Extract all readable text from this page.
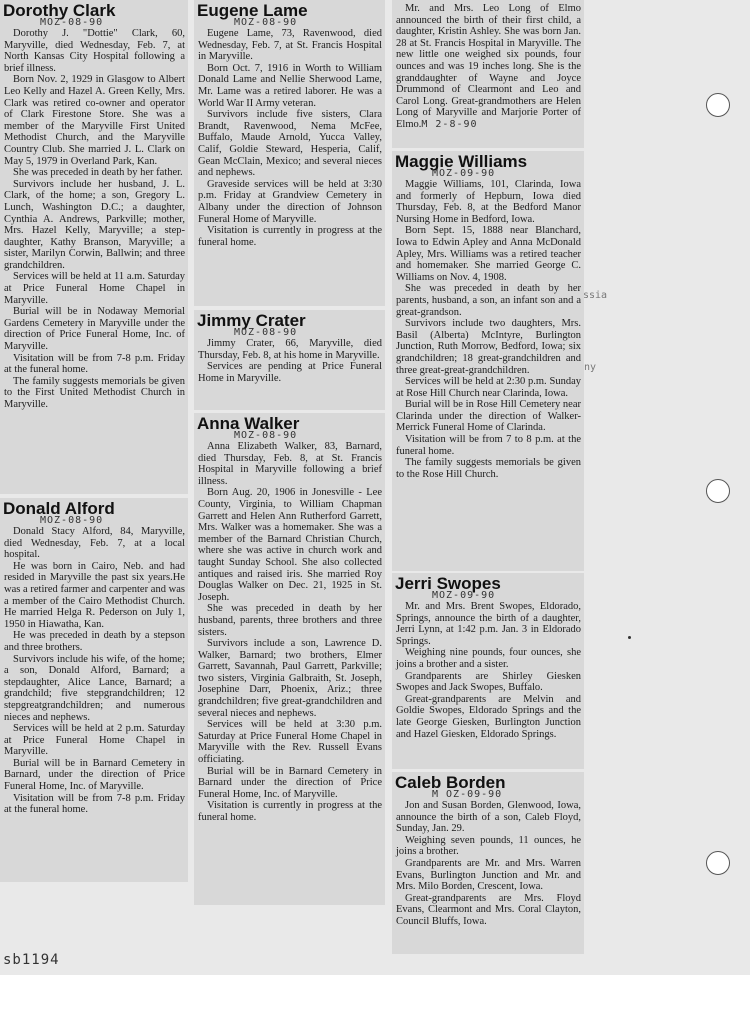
Dorothy Clark
MOZ-08-90

Dorothy J. "Dottie" Clark, 60, Maryville, died Wednesday, Feb. 7, at North Kansas City Hospital following a brief illness.

Born Nov. 2, 1929 in Glasgow to Albert Leo Kelly and Hazel A. Green Kelly, Mrs. Clark was retired co-owner and operator of Clark Firestone Store. She was a member of the Maryville First United Methodist Church, and the Maryville Country Club. She married J. L. Clark on May 5, 1979 in Overland Park, Kan.

She was preceded in death by her father.

Survivors include her husband, J. L. Clark, of the home; a son, Gregory L. Lunch, Washington D.C.; a daughter, Cynthia A. Andrews, Parkville; mother, Mrs. Hazel Kelly, Maryville; a step-daughter, Kathy Branson, Maryville; a sister, Marilyn Corwin, Ballwin; and three grandchildren.

Services will be held at 11 a.m. Saturday at Price Funeral Home Chapel in Maryville.

Burial will be in Nodaway Memorial Gardens Cemetery in Maryville under the direction of Price Funeral Home, Inc. of Maryville.

Visitation will be from 7-8 p.m. Friday at the funeral home.

The family suggests memorials be given to the First United Methodist Church in Maryville.

Donald Alford
MOZ-08-90

Donald Stacy Alford, 84, Maryville, died Wednesday, Feb. 7, at a local hospital.

He was born in Cairo, Neb. and had resided in Maryville the past six years.He was a retired farmer and carpenter and was a member of the Cairo Methodist Church. He married Helga R. Pederson on July 1, 1950 in Hiawatha, Kan.

He was preceded in death by a stepson and three brothers.

Survivors include his wife, of the home; a son, Donald Alford, Barnard; a stepdaughter, Alice Lance, Barnard; a grandchild; five stepgrandchildren; 12 stepgreatgrandchildren; and numerous nieces and nephews.

Services will be held at 2 p.m. Saturday at Price Funeral Home Chapel in Maryville.

Burial will be in Barnard Cemetery in Barnard, under the direction of Price Funeral Home, Inc. of Maryville.

Visitation will be from 7-8 p.m. Friday at the funeral home.

Eugene Lame
MOZ-08-90

Eugene Lame, 73, Ravenwood, died Wednesday, Feb. 7, at St. Francis Hospital in Maryville.

Born Oct. 7, 1916 in Worth to William Donald Lame and Nellie Sherwood Lame, Mr. Lame was a retired laborer. He was a World War II Army veteran.

Survivors include five sisters, Clara Brandt, Ravenwood, Nema McFee, Buffalo, Maude Arnold, Yucca Valley, Calif, Goldie Steward, Hesperia, Calif, Gean McClain, Mexico; and several nieces and nephews.

Graveside services will be held at 3:30 p.m. Friday at Grandview Cemetery in Albany under the direction of Johnson Funeral Home of Maryville.

Visitation is currently in progress at the funeral home.

Jimmy Crater
MOZ-08-90

Jimmy Crater, 66, Maryville, died Thursday, Feb. 8, at his home in Maryville.

Services are pending at Price Funeral Home in Maryville.

Anna Walker
MOZ-08-90

Anna Elizabeth Walker, 83, Barnard, died Thursday, Feb. 8, at St. Francis Hospital in Maryville following a brief illness.

Born Aug. 20, 1906 in Jonesville - Lee County, Virginia, to William Chapman Garrett and Helen Ann Rutherford Garrett, Mrs. Walker was a homemaker. She was a member of the Barnard Christian Church, where she was active in church work and taught Sunday School. She also collected antiques and raised iris. She married Roy Douglas Walker on Dec. 21, 1925 in St. Joseph.

She was preceded in death by her husband, parents, three brothers and three sisters.

Survivors include a son, Lawrence D. Walker, Barnard; two brothers, Elmer Garrett, Savannah, Paul Garrett, Parkville; two sisters, Virginia Galbraith, St. Joseph, Josephine Darr, Phoenix, Ariz.; three grandchildren; five great-grandchildren and several nieces and nephews.

Services will be held at 3:30 p.m. Saturday at Price Funeral Home Chapel in Maryville with the Rev. Russell Evans officiating.

Burial will be in Barnard Cemetery in Barnard under the direction of Price Funeral Home, Inc. of Maryville.

Visitation is currently in progress at the funeral home.

Mr. and Mrs. Leo Long of Elmo announced the birth of their first child, a daughter, Kristin Ashley. She was born Jan. 28 at St. Francis Hospital in Maryville. The new little one weighed six pounds, four ounces and was 19 inches long. She is the granddaughter of Wayne and Joyce Drummond of Clearmont and Leo and Carol Long. Great-grandmothers are Helen Long of Maryville and Marjorie Porter of Elmo.M 2-8-90

Maggie Williams
MOZ-09-90

Maggie Williams, 101, Clarinda, Iowa and formerly of Hepburn, Iowa died Thursday, Feb. 8, at the Bedford Manor Nursing Home in Bedford, Iowa.

Born Sept. 15, 1888 near Blanchard, Iowa to Edwin Apley and Anna McDonald Apley, Mrs. Williams was a retired teacher and homemaker. She married George C. Williams on Nov. 4, 1908.

She was preceded in death by her parents, husband, a son, an infant son and a great-grandson.

Survivors include two daughters, Mrs. Basil (Alberta) McIntyre, Burlington Junction, Ruth Morrow, Bedford, Iowa; six grandchildren; 18 great-grandchildren and three great-great-grandchildren.

Services will be held at 2:30 p.m. Sunday at Rose Hill Church near Clarinda, Iowa.

Burial will be in Rose Hill Cemetery near Clarinda under the direction of Walker-Merrick Funeral Home of Clarinda.

Visitation will be from 7 to 8 p.m. at the funeral home.

The family suggests memorials be given to the Rose Hill Church.

Jerri Swopes
MOZ-09-90

Mr. and Mrs. Brent Swopes, Eldorado, Springs, announce the birth of a daughter, Jerri Lynn, at 1:42 p.m. Jan. 3 in Eldorado Springs.

Weighing nine pounds, four ounces, she joins a brother and a sister.

Grandparents are Shirley Giesken Swopes and Jack Swopes, Buffalo.

Great-grandparents are Melvin and Goldie Swopes, Eldorado Springs and the late George Giesken, Burlington Junction and Hazel Giesken, Eldorado Springs.

Caleb Borden
M OZ-09-90

Jon and Susan Borden, Glenwood, Iowa, announce the birth of a son, Caleb Floyd, Sunday, Jan. 29.

Weighing seven pounds, 11 ounces, he joins a brother.

Grandparents are Mr. and Mrs. Warren Evans, Burlington Junction and Mr. and Mrs. Milo Borden, Crescent, Iowa.

Great-grandparents are Mrs. Floyd Evans, Clearmont and Mrs. Coral Clayton, Council Bluffs, Iowa.

ssia
ny
sb1194
